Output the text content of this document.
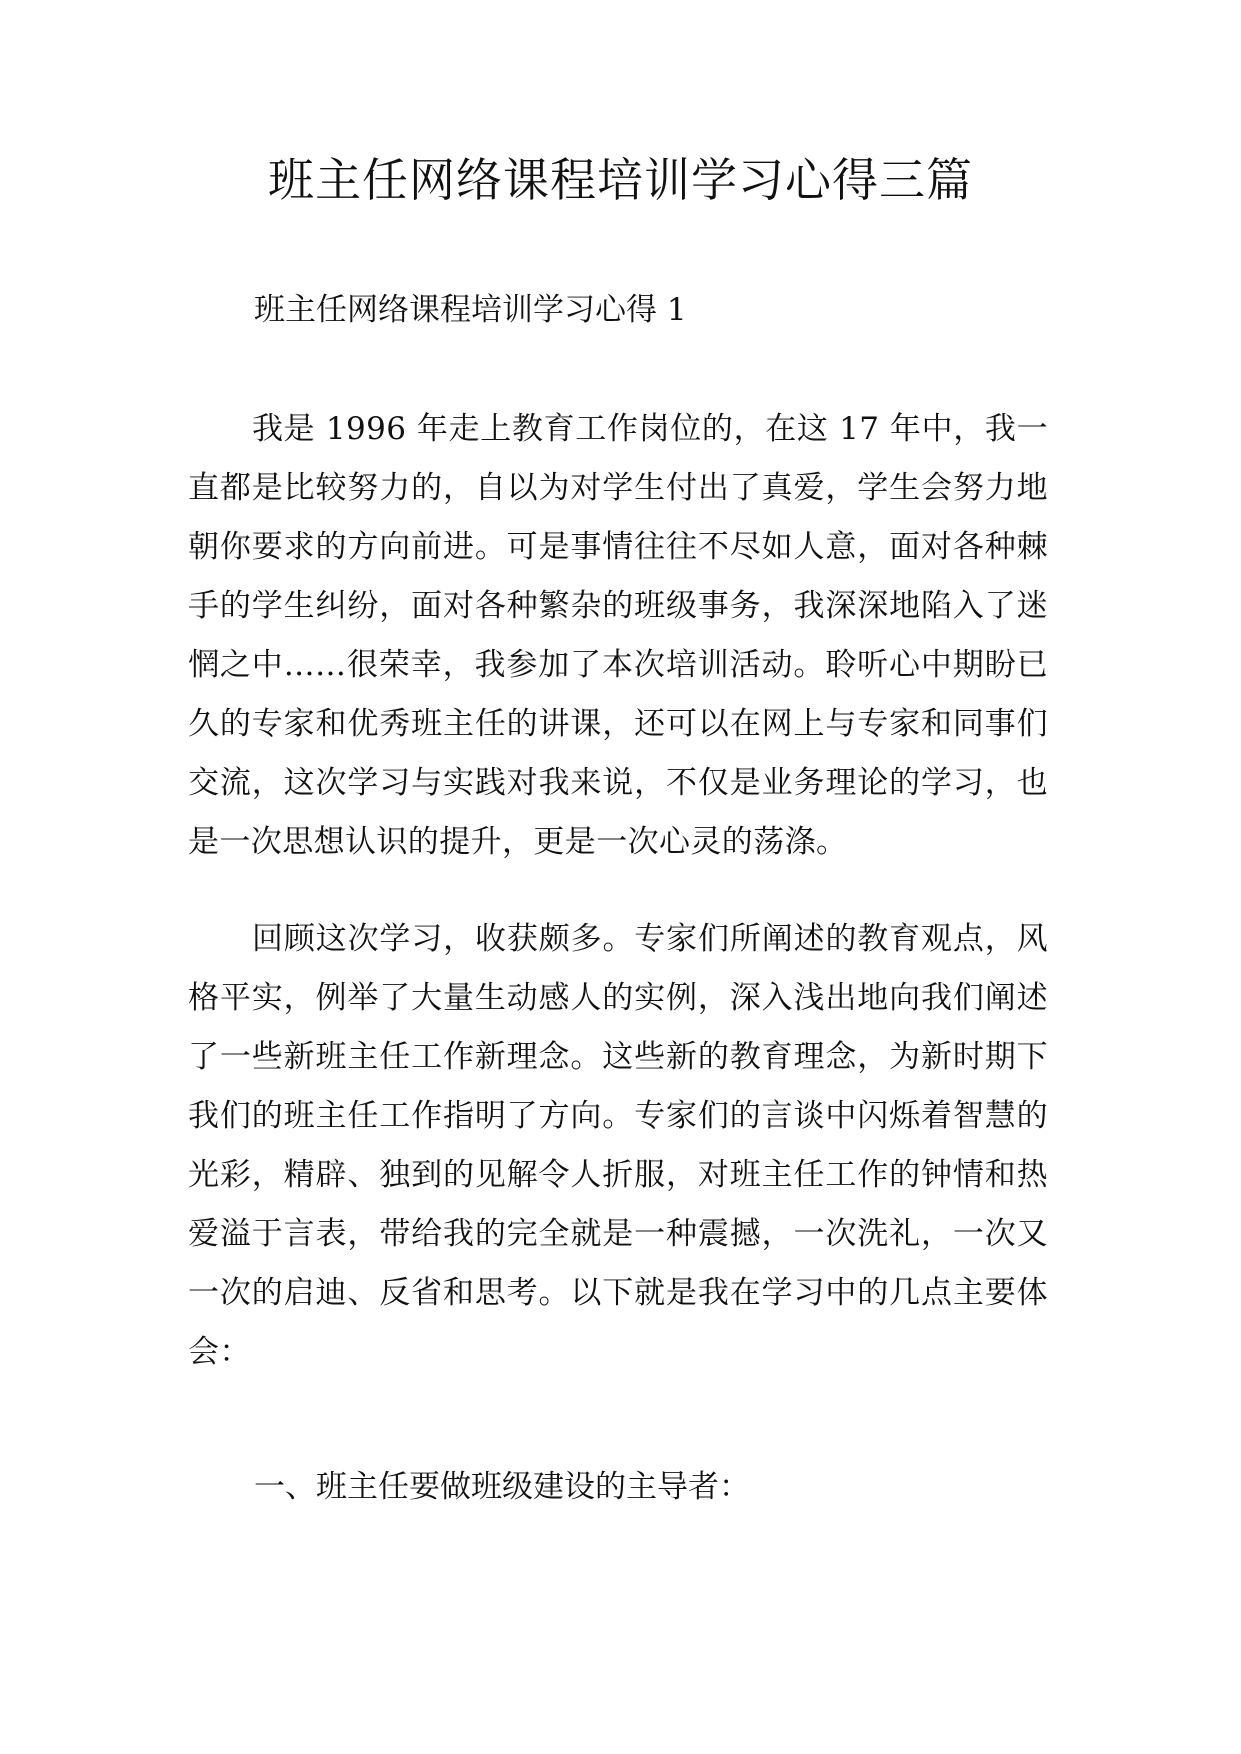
班主任网络课程培训学习心得三篇

班主任网络课程培训学习心得 1

我是 1996 年走上教育工作岗位的，在这 17 年中，我一直都是比较努力的，自以为对学生付出了真爱，学生会努力地朝你要求的方向前进。可是事情往往不尽如人意，面对各种棘手的学生纠纷，面对各种繁杂的班级事务，我深深地陷入了迷惘之中……很荣幸，我参加了本次培训活动。聆听心中期盼已久的专家和优秀班主任的讲课，还可以在网上与专家和同事们交流，这次学习与实践对我来说，不仅是业务理论的学习，也是一次思想认识的提升，更是一次心灵的荡涤。

回顾这次学习，收获颇多。专家们所阐述的教育观点，风格平实，例举了大量生动感人的实例，深入浅出地向我们阐述了一些新班主任工作新理念。这些新的教育理念，为新时期下我们的班主任工作指明了方向。专家们的言谈中闪烁着智慧的光彩，精辟、独到的见解令人折服，对班主任工作的钟情和热爱溢于言表，带给我的完全就是一种震撼，一次洗礼，一次又一次的启迪、反省和思考。以下就是我在学习中的几点主要体会：

一、班主任要做班级建设的主导者：
